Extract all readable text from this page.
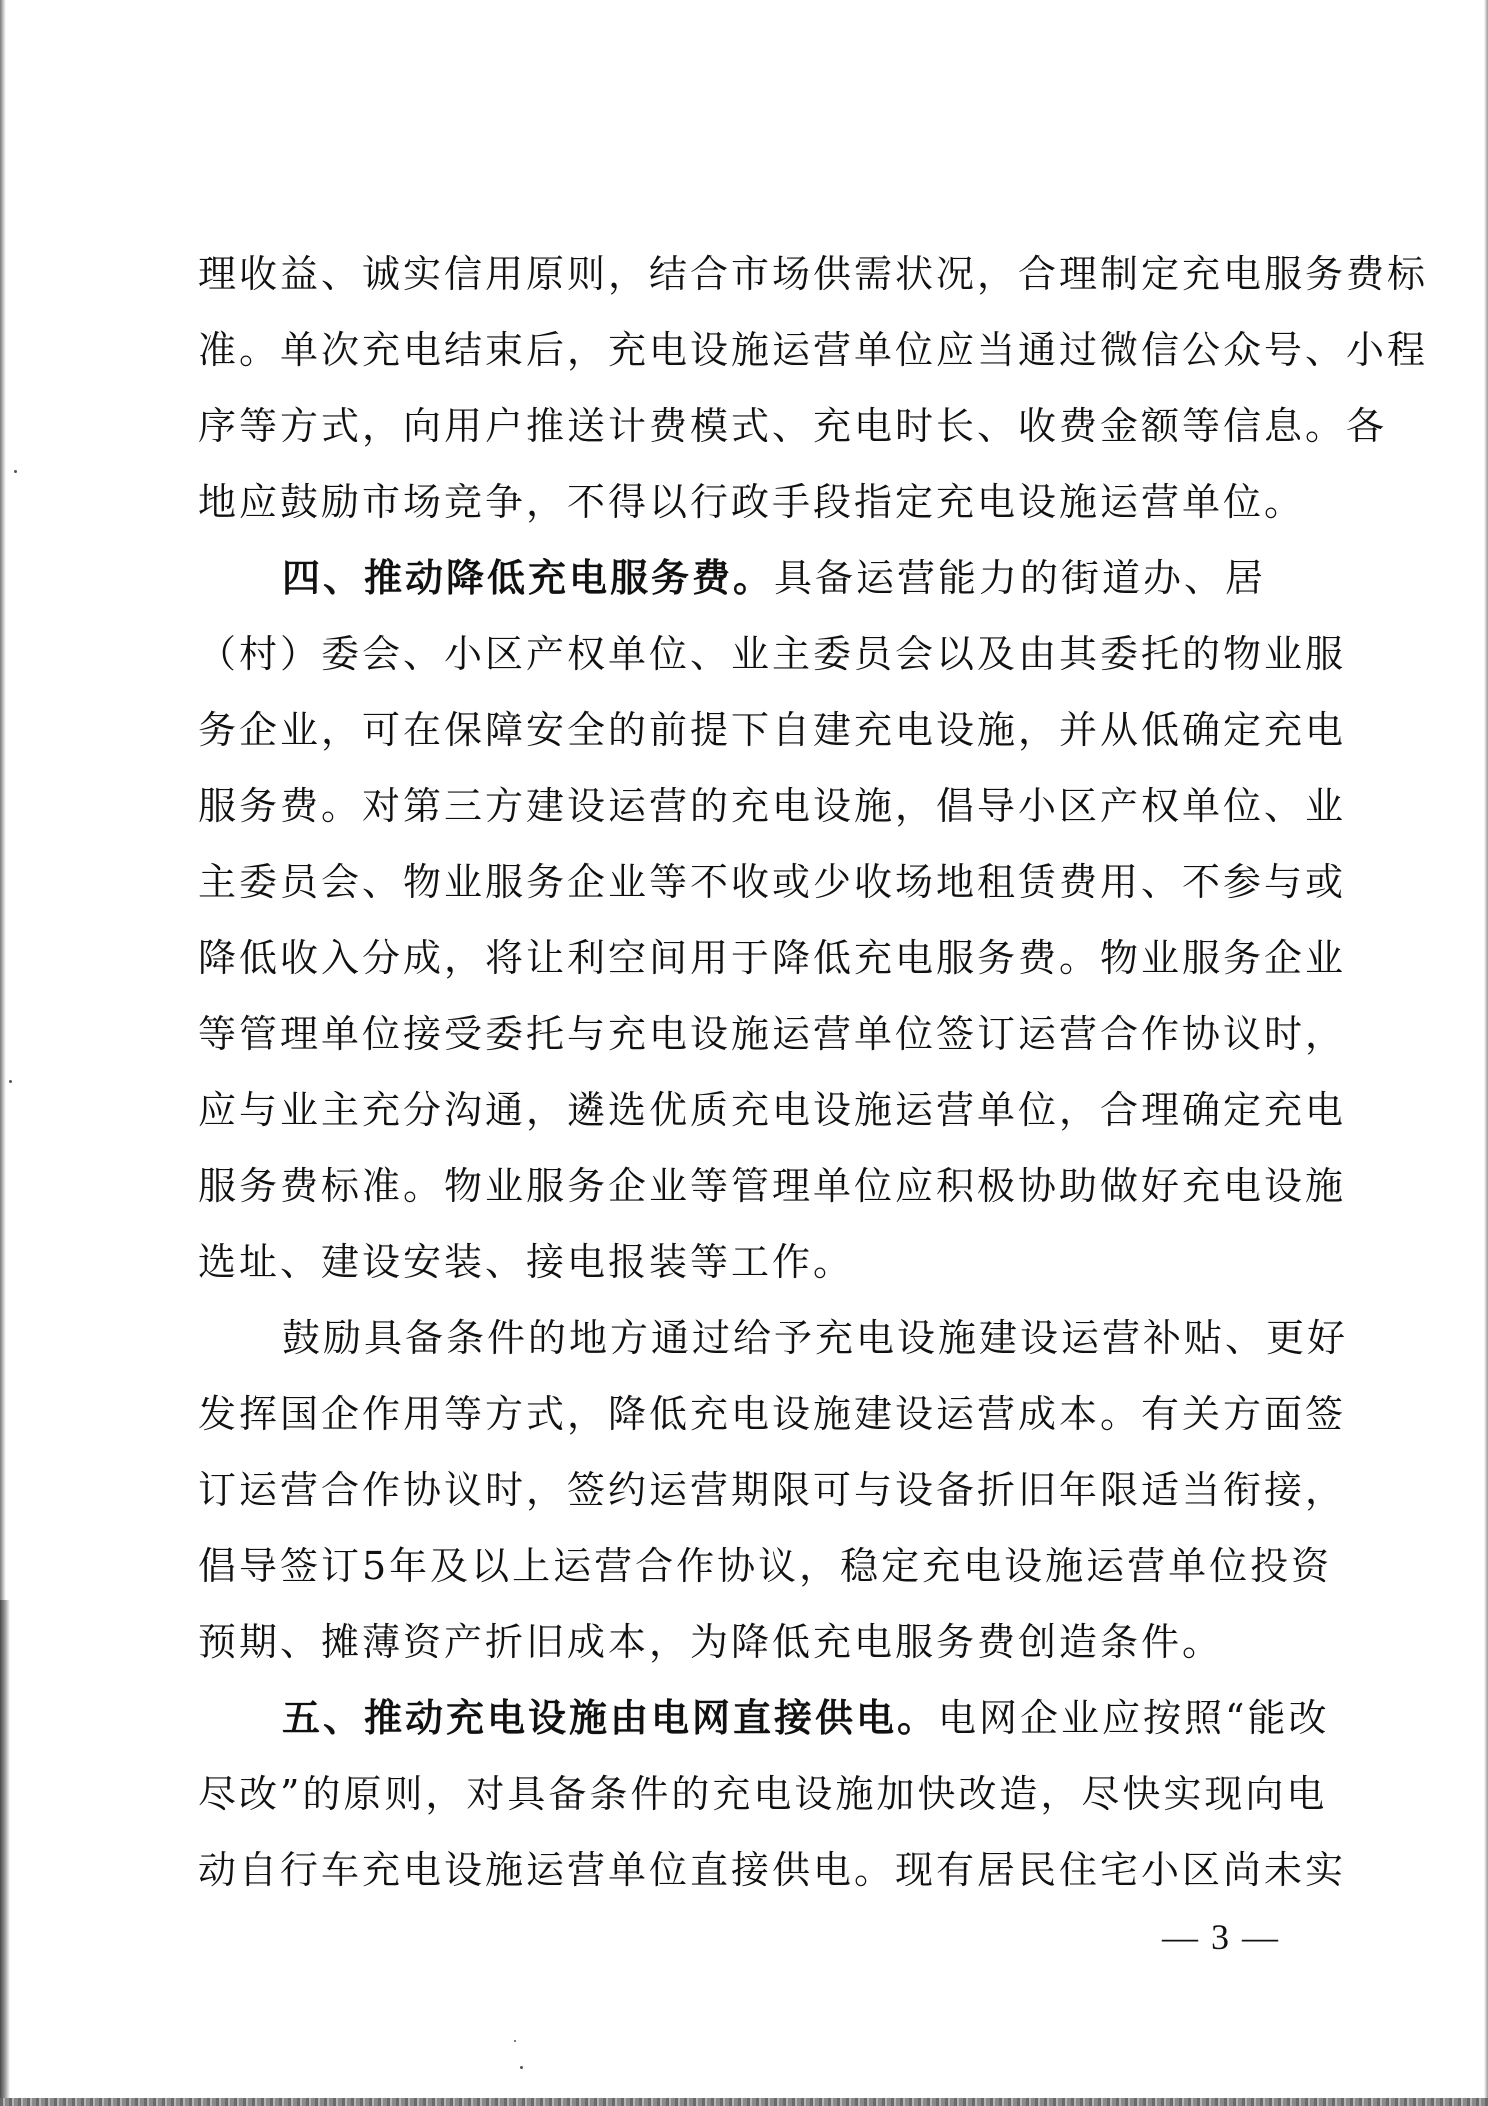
理收益、诚实信用原则，结合市场供需状况，合理制定充电服务费标
准。单次充电结束后，充电设施运营单位应当通过微信公众号、小程
序等方式，向用户推送计费模式、充电时长、收费金额等信息。各
地应鼓励市场竞争，不得以行政手段指定充电设施运营单位。
四、推动降低充电服务费。具备运营能力的街道办、居
（村）委会、小区产权单位、业主委员会以及由其委托的物业服
务企业，可在保障安全的前提下自建充电设施，并从低确定充电
服务费。对第三方建设运营的充电设施，倡导小区产权单位、业
主委员会、物业服务企业等不收或少收场地租赁费用、不参与或
降低收入分成，将让利空间用于降低充电服务费。物业服务企业
等管理单位接受委托与充电设施运营单位签订运营合作协议时，
应与业主充分沟通，遴选优质充电设施运营单位，合理确定充电
服务费标准。物业服务企业等管理单位应积极协助做好充电设施
选址、建设安装、接电报装等工作。
鼓励具备条件的地方通过给予充电设施建设运营补贴、更好
发挥国企作用等方式，降低充电设施建设运营成本。有关方面签
订运营合作协议时，签约运营期限可与设备折旧年限适当衔接，
倡导签订5年及以上运营合作协议，稳定充电设施运营单位投资
预期、摊薄资产折旧成本，为降低充电服务费创造条件。
五、推动充电设施由电网直接供电。电网企业应按照“能改
尽改”的原则，对具备条件的充电设施加快改造，尽快实现向电
动自行车充电设施运营单位直接供电。现有居民住宅小区尚未实
— 3 —
